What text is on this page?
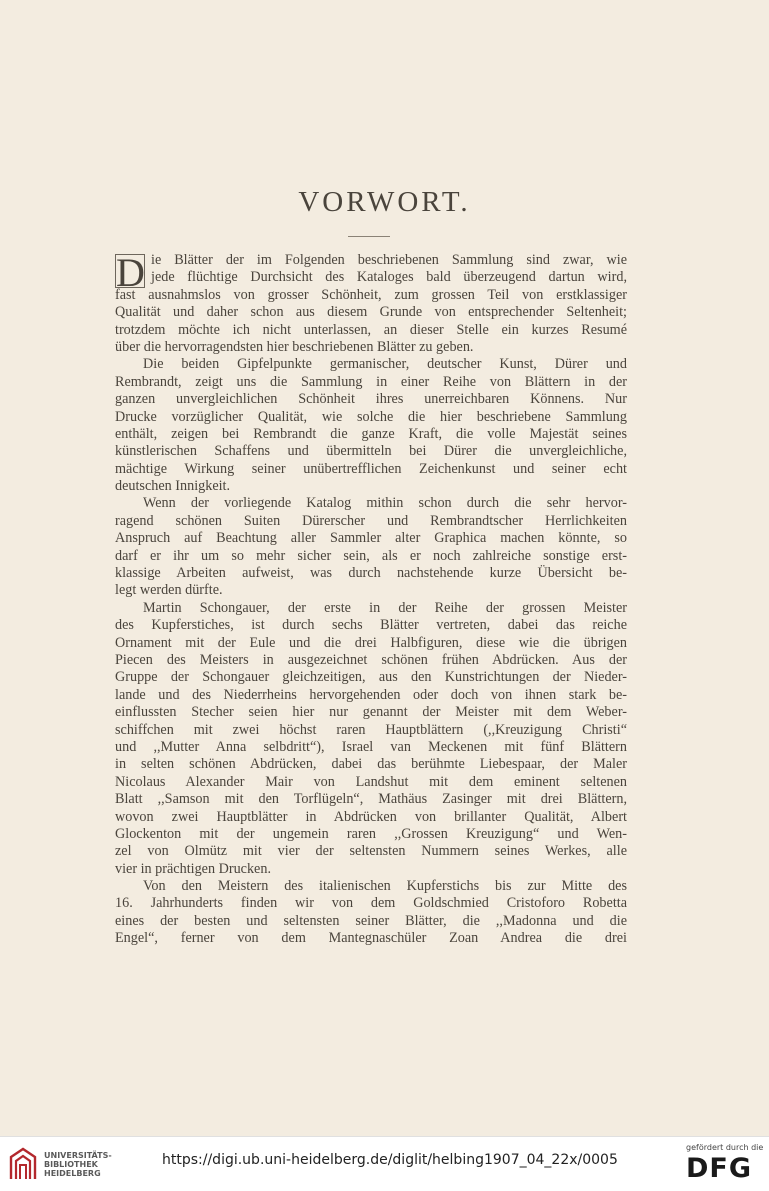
VORWORT.
D ie Blätter der im Folgenden beschriebenen Sammlung sind zwar, wie
jede flüchtige Durchsicht des Kataloges bald überzeugend dartun wird,
fast ausnahmslos von grosser Schönheit, zum grossen Teil von erstklassiger
Qualität und daher schon aus diesem Grunde von entsprechender Seltenheit;
trotzdem möchte ich nicht unterlassen, an dieser Stelle ein kurzes Resumé
über die hervorragendsten hier beschriebenen Blätter zu geben.
Die beiden Gipfelpunkte germanischer, deutscher Kunst, Dürer und
Rembrandt, zeigt uns die Sammlung in einer Reihe von Blättern in der
ganzen unvergleichlichen Schönheit ihres unerreichbaren Könnens. Nur
Drucke vorzüglicher Qualität, wie solche die hier beschriebene Sammlung
enthält, zeigen bei Rembrandt die ganze Kraft, die volle Majestät seines
künstlerischen Schaffens und übermitteln bei Dürer die unvergleichliche,
mächtige Wirkung seiner unübertrefflichen Zeichenkunst und seiner echt
deutschen Innigkeit.
Wenn der vorliegende Katalog mithin schon durch die sehr hervor-
ragend schönen Suiten Dürerscher und Rembrandtscher Herrlichkeiten
Anspruch auf Beachtung aller Sammler alter Graphica machen könnte, so
darf er ihr um so mehr sicher sein, als er noch zahlreiche sonstige erst-
klassige Arbeiten aufweist, was durch nachstehende kurze Übersicht be-
legt werden dürfte.
Martin Schongauer, der erste in der Reihe der grossen Meister
des Kupferstiches, ist durch sechs Blätter vertreten, dabei das reiche
Ornament mit der Eule und die drei Halbfiguren, diese wie die übrigen
Piecen des Meisters in ausgezeichnet schönen frühen Abdrücken. Aus der
Gruppe der Schongauer gleichzeitigen, aus den Kunstrichtungen der Nieder-
lande und des Niederrheins hervorgehenden oder doch von ihnen stark be-
einflussten Stecher seien hier nur genannt der Meister mit dem Weber-
schiffchen mit zwei höchst raren Hauptblättern (,,Kreuzigung Christi“
und ,,Mutter Anna selbdritt“), Israel van Meckenen mit fünf Blättern
in selten schönen Abdrücken, dabei das berühmte Liebespaar, der Maler
Nicolaus Alexander Mair von Landshut mit dem eminent seltenen
Blatt ,,Samson mit den Torflügeln“, Mathäus Zasinger mit drei Blättern,
wovon zwei Hauptblätter in Abdrücken von brillanter Qualität, Albert
Glockenton mit der ungemein raren ,,Grossen Kreuzigung“ und Wen-
zel von Olmütz mit vier der seltensten Nummern seines Werkes, alle
vier in prächtigen Drucken.
Von den Meistern des italienischen Kupferstichs bis zur Mitte des
16. Jahrhunderts finden wir von dem Goldschmied Cristoforo Robetta
eines der besten und seltensten seiner Blätter, die ,,Madonna und die
Engel“, ferner von dem Mantegnaschüler Zoan Andrea die drei
UNIVERSITÄTS-
BIBLIOTHEK
HEIDELBERG
https://digi.ub.uni-heidelberg.de/diglit/helbing1907_04_22x/0005
gefördert durch die
DFG
